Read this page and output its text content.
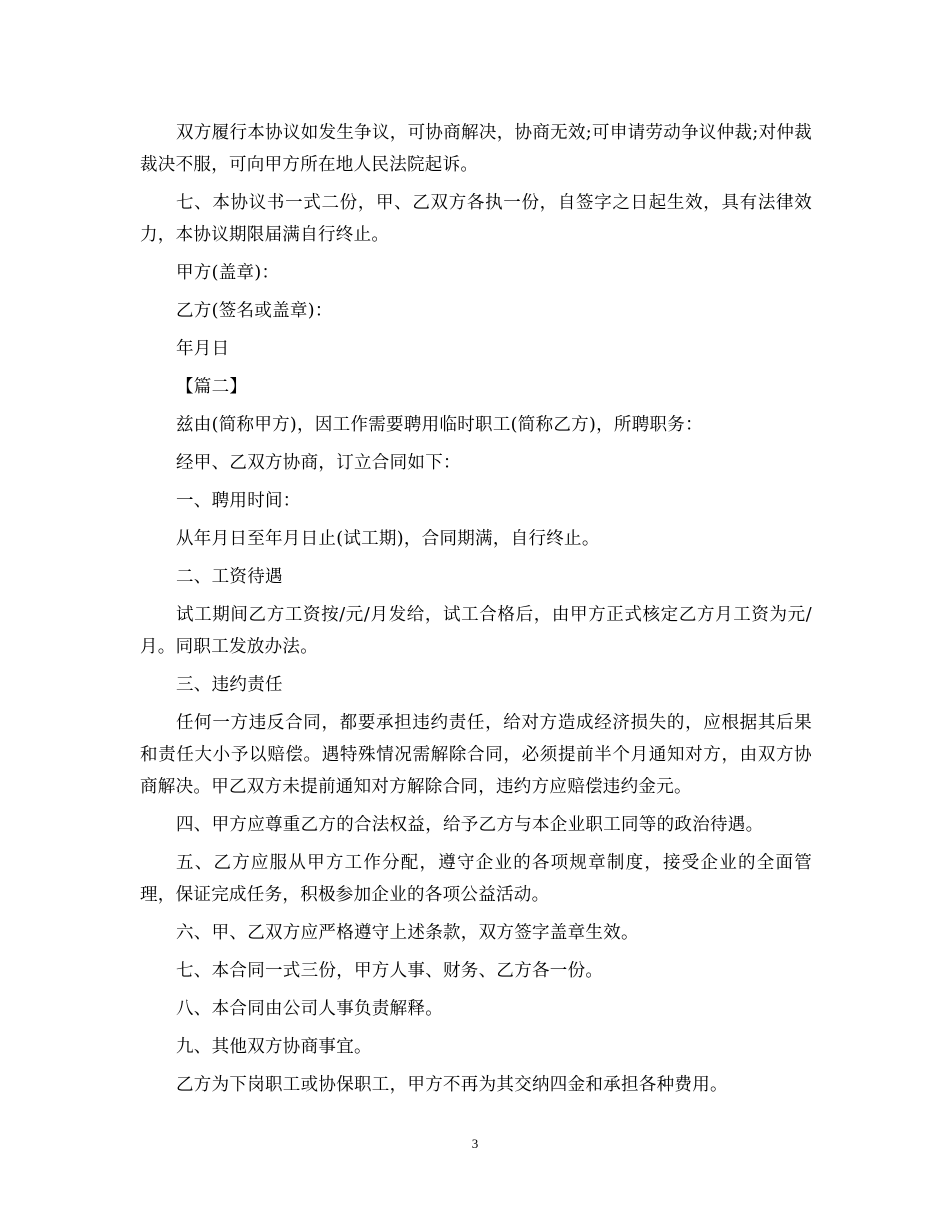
双方履行本协议如发生争议，可协商解决，协商无效;可申请劳动争议仲裁;对仲裁裁决不服，可向甲方所在地人民法院起诉。

七、本协议书一式二份，甲、乙双方各执一份，自签字之日起生效，具有法律效力，本协议期限届满自行终止。

甲方(盖章)：

乙方(签名或盖章)：

年月日

【篇二】

兹由(简称甲方)，因工作需要聘用临时职工(简称乙方)，所聘职务：

经甲、乙双方协商，订立合同如下：

一、聘用时间：

从年月日至年月日止(试工期)，合同期满，自行终止。

二、工资待遇

试工期间乙方工资按/元/月发给，试工合格后，由甲方正式核定乙方月工资为元/月。同职工发放办法。

三、违约责任

任何一方违反合同，都要承担违约责任，给对方造成经济损失的，应根据其后果和责任大小予以赔偿。遇特殊情况需解除合同，必须提前半个月通知对方，由双方协商解决。甲乙双方未提前通知对方解除合同，违约方应赔偿违约金元。

四、甲方应尊重乙方的合法权益，给予乙方与本企业职工同等的政治待遇。

五、乙方应服从甲方工作分配，遵守企业的各项规章制度，接受企业的全面管理，保证完成任务，积极参加企业的各项公益活动。

六、甲、乙双方应严格遵守上述条款，双方签字盖章生效。

七、本合同一式三份，甲方人事、财务、乙方各一份。

八、本合同由公司人事负责解释。

九、其他双方协商事宜。

乙方为下岗职工或协保职工，甲方不再为其交纳四金和承担各种费用。

3
